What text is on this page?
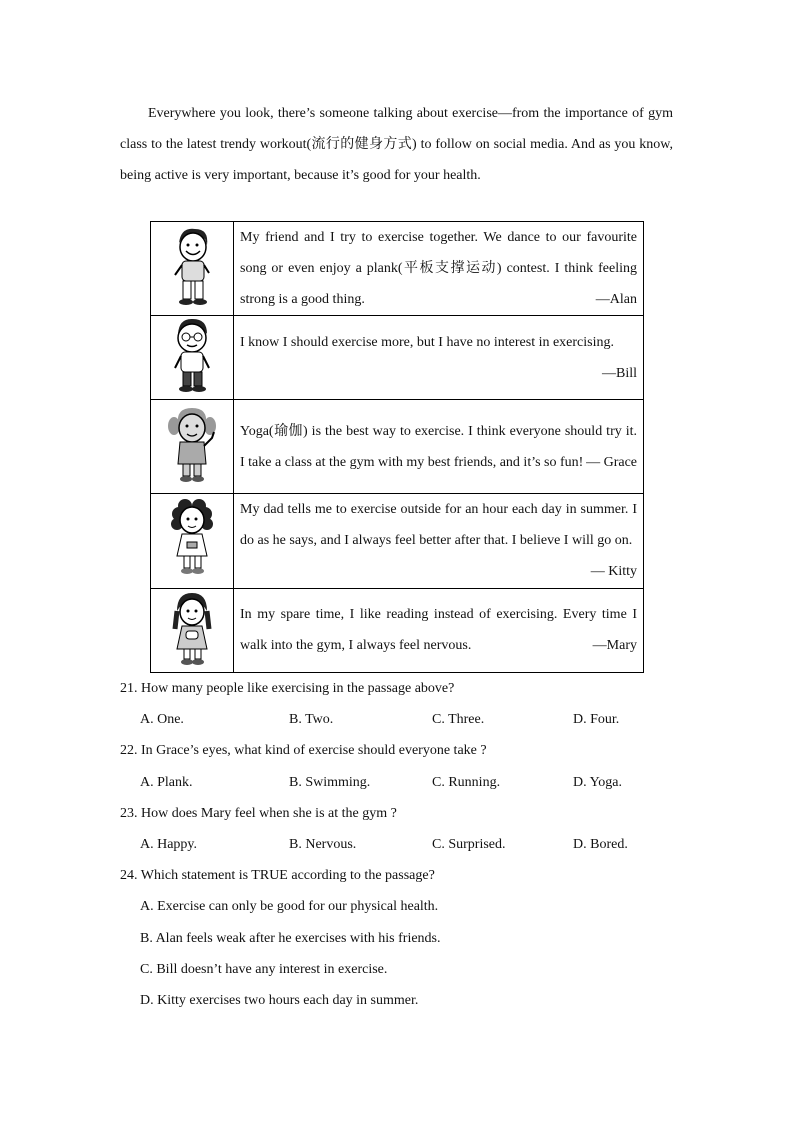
Everywhere you look, there’s someone talking about exercise—from the importance of gym class to the latest trendy workout(流行的健身方式) to follow on social media. And as you know, being active is very important, because it’s good for your health.

	My friend and I try to exercise together. We dance to our favourite song or even enjoy a plank(平板支撑运动) contest. I think feeling strong is a good thing. —Alan

	I know I should exercise more, but I have no interest in exercising.
—Bill

	Yoga(瑜伽) is the best way to exercise. I think everyone should try it. I take a class at the gym with my best friends, and it’s so fun! — Grace

	My dad tells me to exercise outside for an hour each day in summer. I do as he says, and I always feel better after that. I believe I will go on.
— Kitty

	In my spare time, I like reading instead of exercising. Every time I walk into the gym, I always feel nervous. —Mary
21. How many people like exercising in the passage above?
A. One.	B. Two.	C. Three.	D. Four.
22. In Grace’s eyes, what kind of exercise should everyone take ?
A. Plank.	B. Swimming.	C. Running.	D. Yoga.
23. How does Mary feel when she is at the gym ?
A. Happy.	B. Nervous.	C. Surprised.	D. Bored.
24. Which statement is TRUE according to the passage?
A. Exercise can only be good for our physical health.
B. Alan feels weak after he exercises with his friends.
C. Bill doesn’t have any interest in exercise.
D. Kitty exercises two hours each day in summer.
